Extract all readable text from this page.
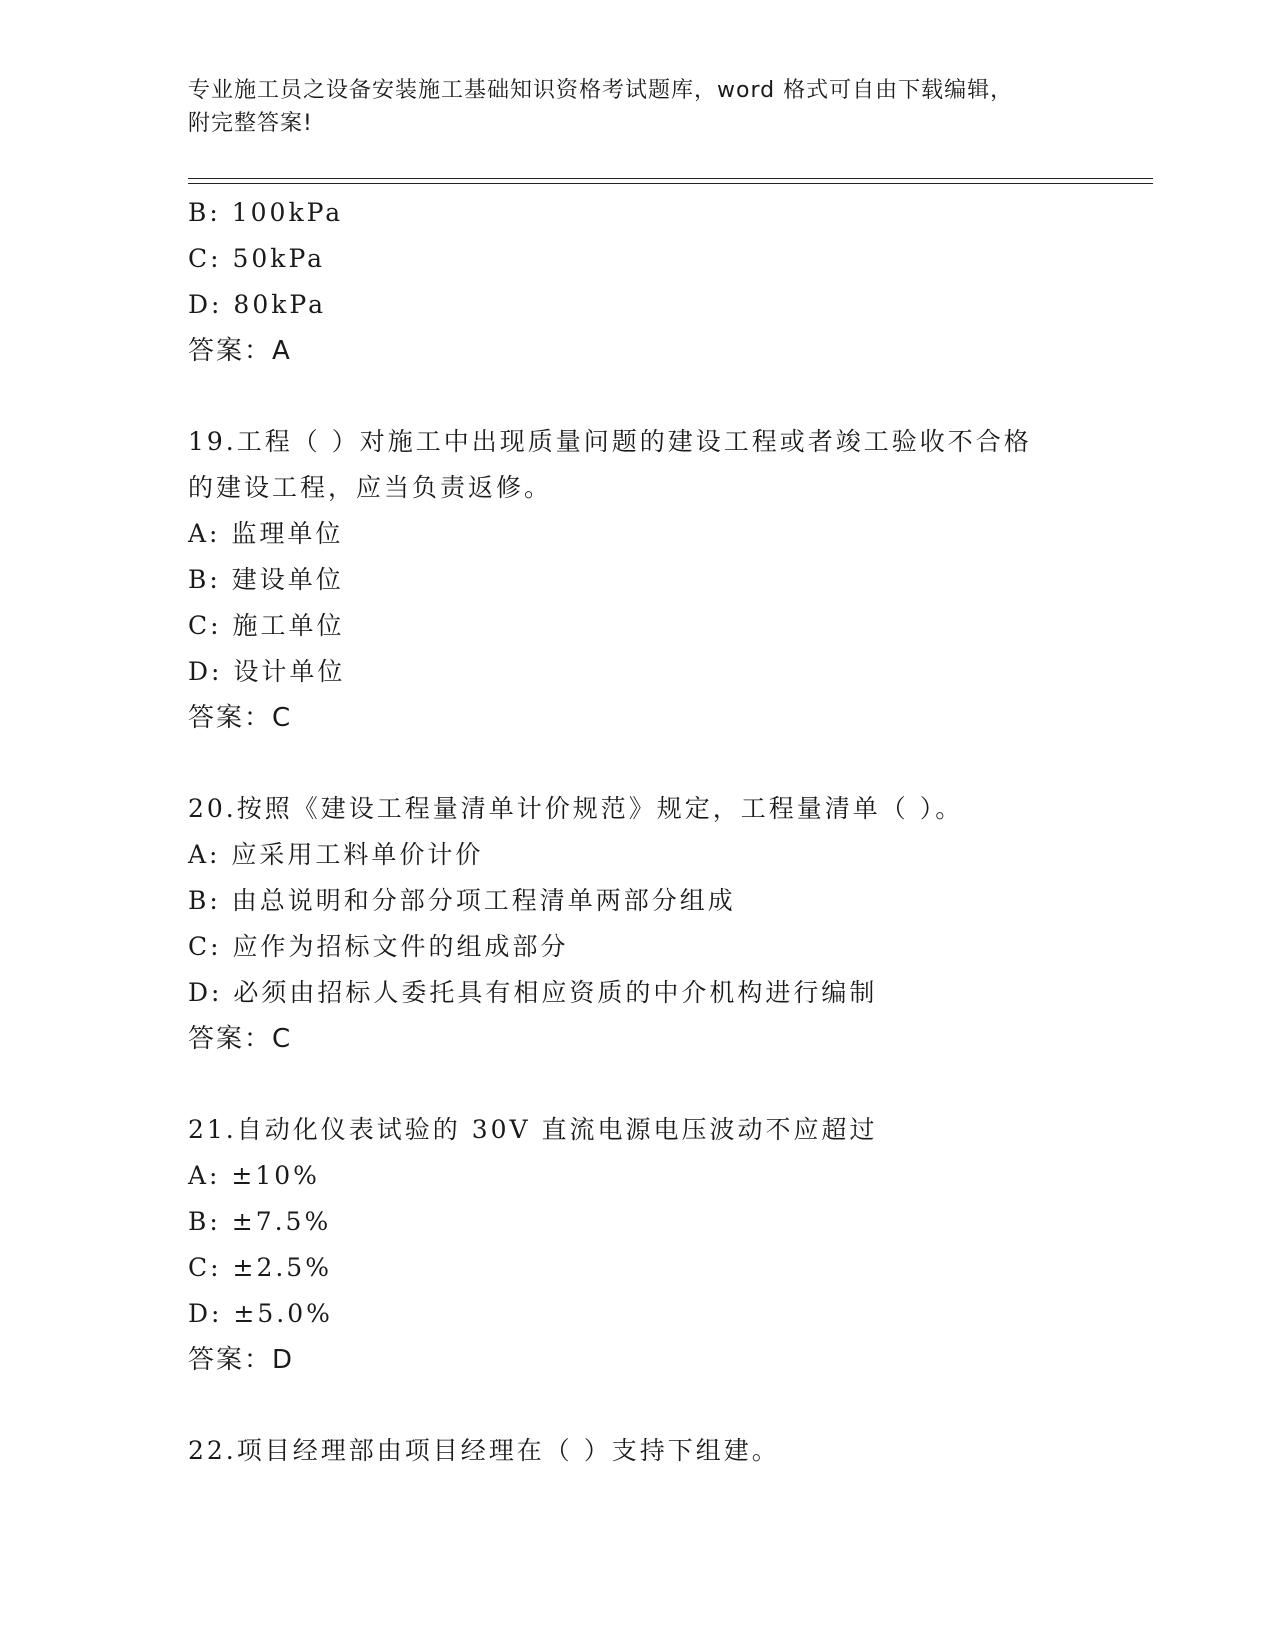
专业施工员之设备安装施工基础知识资格考试题库，word 格式可自由下载编辑，
附完整答案!
B: 100kPa
C: 50kPa
D: 80kPa
答案：A
19.工程（ ）对施工中出现质量问题的建设工程或者竣工验收不合格
的建设工程，应当负责返修。
A: 监理单位
B: 建设单位
C: 施工单位
D: 设计单位
答案：C
20.按照《建设工程量清单计价规范》规定，工程量清单（ ）。
A: 应采用工料单价计价
B: 由总说明和分部分项工程清单两部分组成
C: 应作为招标文件的组成部分
D: 必须由招标人委托具有相应资质的中介机构进行编制
答案：C
21.自动化仪表试验的 30V 直流电源电压波动不应超过
A: ±10%
B: ±7.5%
C: ±2.5%
D: ±5.0%
答案：D
22.项目经理部由项目经理在（ ）支持下组建。
